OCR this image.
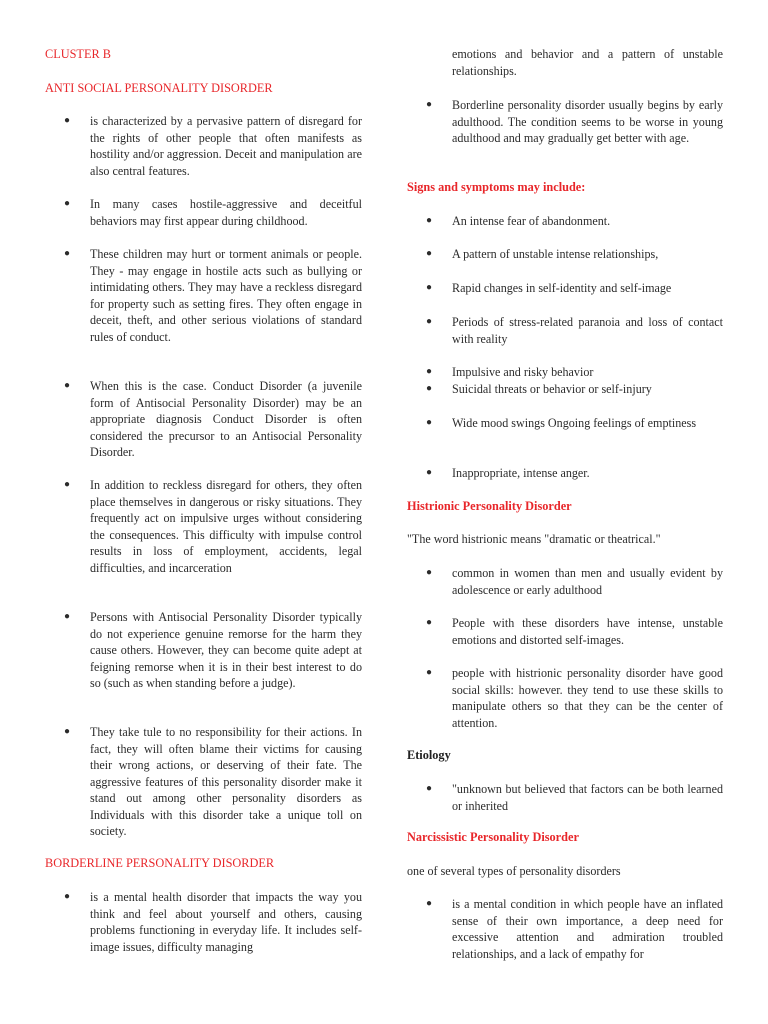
CLUSTER B
ANTI SOCIAL PERSONALITY DISORDER
● is characterized by a pervasive pattern of disregard for the rights of other people that often manifests as hostility and/or aggression. Deceit and manipulation are also central features.
● In many cases hostile-aggressive and deceitful behaviors may first appear during childhood.
● These children may hurt or torment animals or people. They - may engage in hostile acts such as bullying or intimidating others. They may have a reckless disregard for property such as setting fires. They often engage in deceit, theft, and other serious violations of standard rules of conduct.
● When this is the case. Conduct Disorder (a juvenile form of Antisocial Personality Disorder) may be an appropriate diagnosis Conduct Disorder is often considered the precursor to an Antisocial Personality Disorder.
● In addition to reckless disregard for others, they often place themselves in dangerous or risky situations. They frequently act on impulsive urges without considering the consequences. This difficulty with impulse control results in loss of employment, accidents, legal difficulties, and incarceration
● Persons with Antisocial Personality Disorder typically do not experience genuine remorse for the harm they cause others. However, they can become quite adept at feigning remorse when it is in their best interest to do so (such as when standing before a judge).
● They take tule to no responsibility for their actions. In fact, they will often blame their victims for causing their wrong actions, or deserving of their fate. The aggressive features of this personality disorder make it stand out among other personality disorders as Individuals with this disorder take a unique toll on society.
BORDERLINE PERSONALITY DISORDER
● is a mental health disorder that impacts the way you think and feel about yourself and others, causing problems functioning in everyday life. It includes self-image issues, difficulty managing
emotions and behavior and a pattern of unstable relationships.
● Borderline personality disorder usually begins by early adulthood. The condition seems to be worse in young adulthood and may gradually get better with age.
Signs and symptoms may include:
● An intense fear of abandonment.
● A pattern of unstable intense relationships,
● Rapid changes in self-identity and self-image
● Periods of stress-related paranoia and loss of contact with reality
● Impulsive and risky behavior
● Suicidal threats or behavior or self-injury
● Wide mood swings Ongoing feelings of emptiness
● Inappropriate, intense anger.
Histrionic Personality Disorder
"The word histrionic means "dramatic or theatrical."
● common in women than men and usually evident by adolescence or early adulthood
● People with these disorders have intense, unstable emotions and distorted self-images.
● people with histrionic personality disorder have good social skills: however. they tend to use these skills to manipulate others so that they can be the center of attention.
Etiology
● "unknown but believed that factors can be both learned or inherited
Narcissistic Personality Disorder
one of several types of personality disorders
● is a mental condition in which people have an inflated sense of their own importance, a deep need for excessive attention and admiration troubled relationships, and a lack of empathy for
